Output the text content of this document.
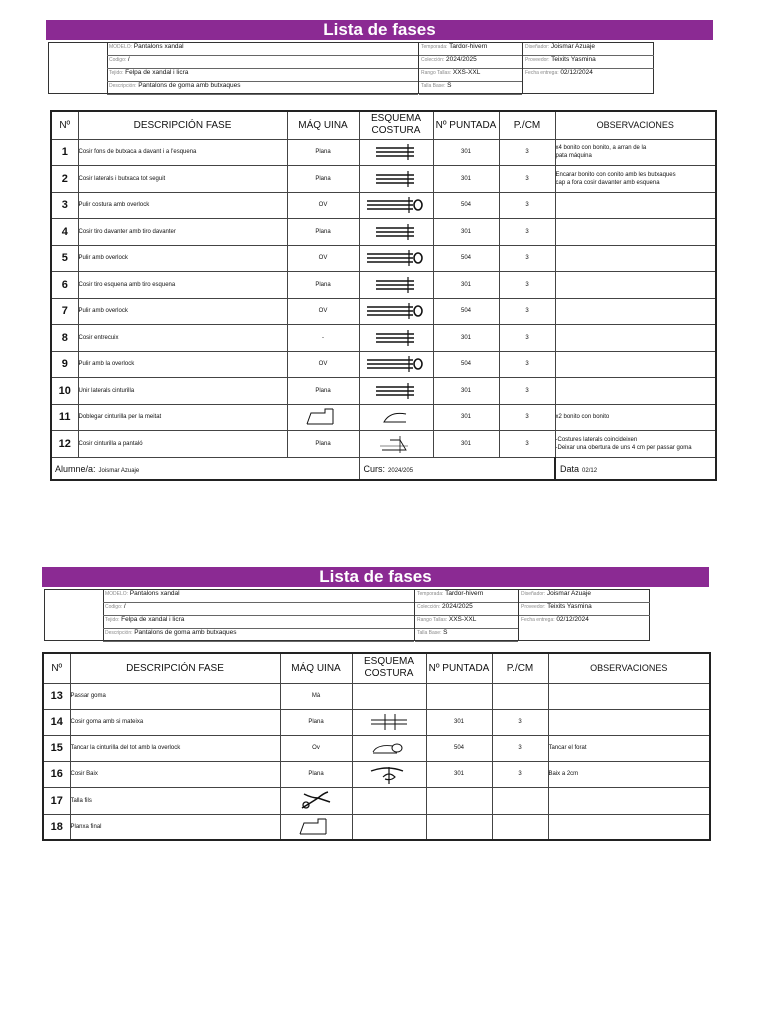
Lista de fases
MODELO: Pantalons xandal
Codigo: /
Tejido: Felpa de xandal i licra
Descripción: Pantalons de goma amb butxaques
Temporada: Tardor-hivern
Colección: 2024/2025
Rango Tallas: XXS-XXL
Talla Base: S
Diseñador: Joismar Azuaje
Proveedor: Teixits Yasmina
Fecha entrega: 02/12/2024
Nº	DESCRIPCIÓN FASE	MÁQ UINA	ESQUEMA
COSTURA	Nº PUNTADA	P./CM	OBSERVACIONES
1	Cosir fons de butxaca a davant i a l'esquena	Plana		301	3	x4 bonito con bonito, a arran de la
pata máquina

2	Cosir laterals i butxaca tot seguit	Plana		301	3	Encarar bonito con conito amb les butxaques
cap a fora cosir davanter amb esquena

3	Pulir costura amb overlock	OV		504	3	

4	Cosir tiro davanter amb tiro davanter	Plana		301	3	

5	Pulir amb overlock	OV		504	3	

6	Cosir tiro esquena amb tiro esquena	Plana		301	3	

7	Pulir amb overlock	OV		504	3	

8	Cosir entrecuix	-		301	3	

9	Pulir amb la overlock	OV		504	3	

10	Unir laterals cinturilla	Plana		301	3	

11	Doblegar cinturilla per la meitat			301	3	x2 bonito con bonito

12	Cosir cinturilla a pantaló	Plana		301	3	-Costures laterals coincideixen
-Deixar una obertura de uns 4 cm per passar goma

Alumne/a: Joismar Azuaje			Curs: 2024/205			Data 02/12
Lista de fases
MODELO: Pantalons xandal
Codigo: /
Tejido: Felpa de xandal i licra
Descripción: Pantalons de goma amb butxaques
Temporada: Tardor-hivern
Colección: 2024/2025
Rango Tallas: XXS-XXL
Talla Base: S
Diseñador: Joismar Azuaje
Proveedor: Teixits Yasmina
Fecha entrega: 02/12/2024
Nº	DESCRIPCIÓN FASE	MÁQ UINA	ESQUEMA
COSTURA	Nº PUNTADA	P./CM	OBSERVACIONES
13	Passar goma	Mà				

14	Cosir goma amb si mateixa	Plana		301	3	

15	Tancar la cinturilla del tot amb la overlock	Ov		504	3	Tancar el forat

16	Cosir Baix	Plana		301	3	Baix a 2cm

17	Talla fils					

18	Planxa final					
